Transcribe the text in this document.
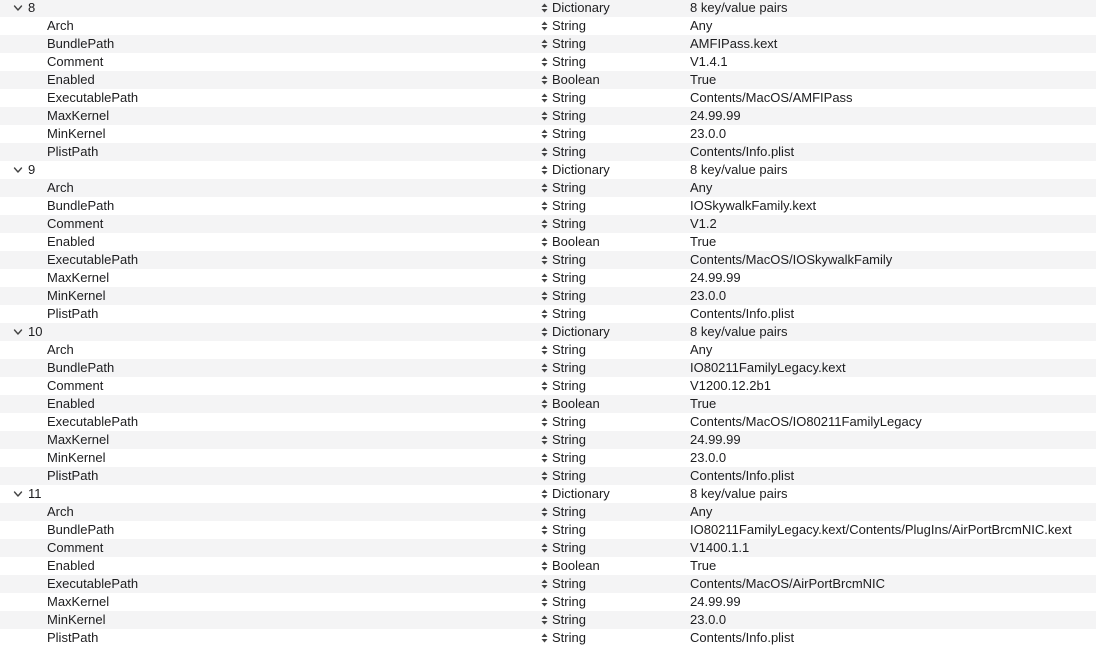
8	Dictionary	8 key/value pairs
Arch	String	Any
BundlePath	String	AMFIPass.kext
Comment	String	V1.4.1
Enabled	Boolean	True
ExecutablePath	String	Contents/MacOS/AMFIPass
MaxKernel	String	24.99.99
MinKernel	String	23.0.0
PlistPath	String	Contents/Info.plist
9	Dictionary	8 key/value pairs
Arch	String	Any
BundlePath	String	IOSkywalkFamily.kext
Comment	String	V1.2
Enabled	Boolean	True
ExecutablePath	String	Contents/MacOS/IOSkywalkFamily
MaxKernel	String	24.99.99
MinKernel	String	23.0.0
PlistPath	String	Contents/Info.plist
10	Dictionary	8 key/value pairs
Arch	String	Any
BundlePath	String	IO80211FamilyLegacy.kext
Comment	String	V1200.12.2b1
Enabled	Boolean	True
ExecutablePath	String	Contents/MacOS/IO80211FamilyLegacy
MaxKernel	String	24.99.99
MinKernel	String	23.0.0
PlistPath	String	Contents/Info.plist
11	Dictionary	8 key/value pairs
Arch	String	Any
BundlePath	String	IO80211FamilyLegacy.kext/Contents/PlugIns/AirPortBrcmNIC.kext
Comment	String	V1400.1.1
Enabled	Boolean	True
ExecutablePath	String	Contents/MacOS/AirPortBrcmNIC
MaxKernel	String	24.99.99
MinKernel	String	23.0.0
PlistPath	String	Contents/Info.plist
